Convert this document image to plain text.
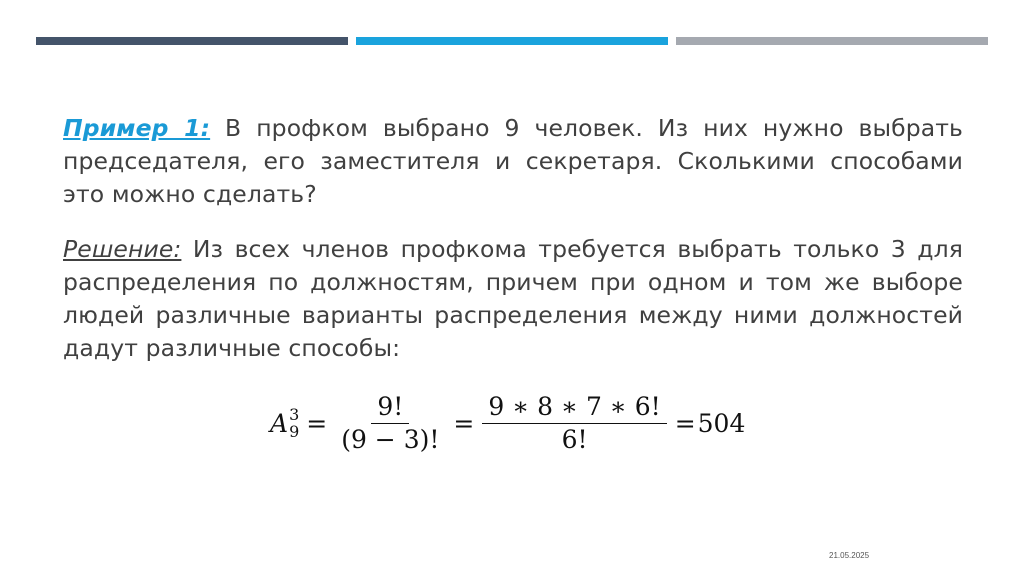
Пример 1: В профком выбрано 9 человек. Из них нужно выбрать председателя, его заместителя и секретаря. Сколькими способами это можно сделать?
Решение: Из всех членов профкома требуется выбрать только 3 для распределения по должностям, причем при одном и том же выборе людей различные варианты распределения между ними должностей дадут различные способы:
A 3
$9 = \frac{9!}{(9 - 3)!} = \frac{9 ∗ 8 ∗ 7 ∗ 6!}{6!} = 504$
21.05.2025
